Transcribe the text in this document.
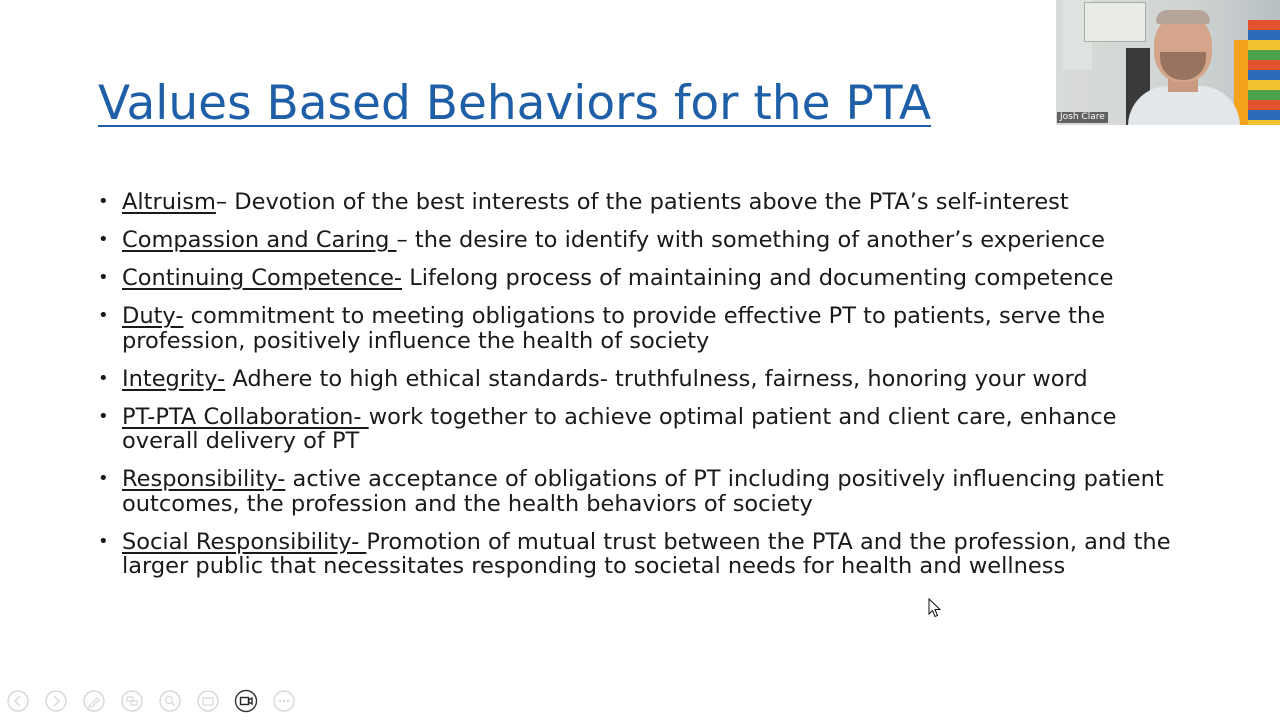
Values Based Behaviors for the PTA
• Altruism– Devotion of the best interests of the patients above the PTA’s self-interest
• Compassion and Caring – the desire to identify with something of another’s experience
• Continuing Competence- Lifelong process of maintaining and documenting competence
• Duty- commitment to meeting obligations to provide effective PT to patients, serve the profession, positively influence the health of society
• Integrity- Adhere to high ethical standards- truthfulness, fairness, honoring your word
• PT-PTA Collaboration- work together to achieve optimal patient and client care, enhance overall delivery of PT
• Responsibility- active acceptance of obligations of PT including positively influencing patient outcomes, the profession and the health behaviors of society
• Social Responsibility- Promotion of mutual trust between the PTA and the profession, and the larger public that necessitates responding to societal needs for health and wellness
Josh Clare
